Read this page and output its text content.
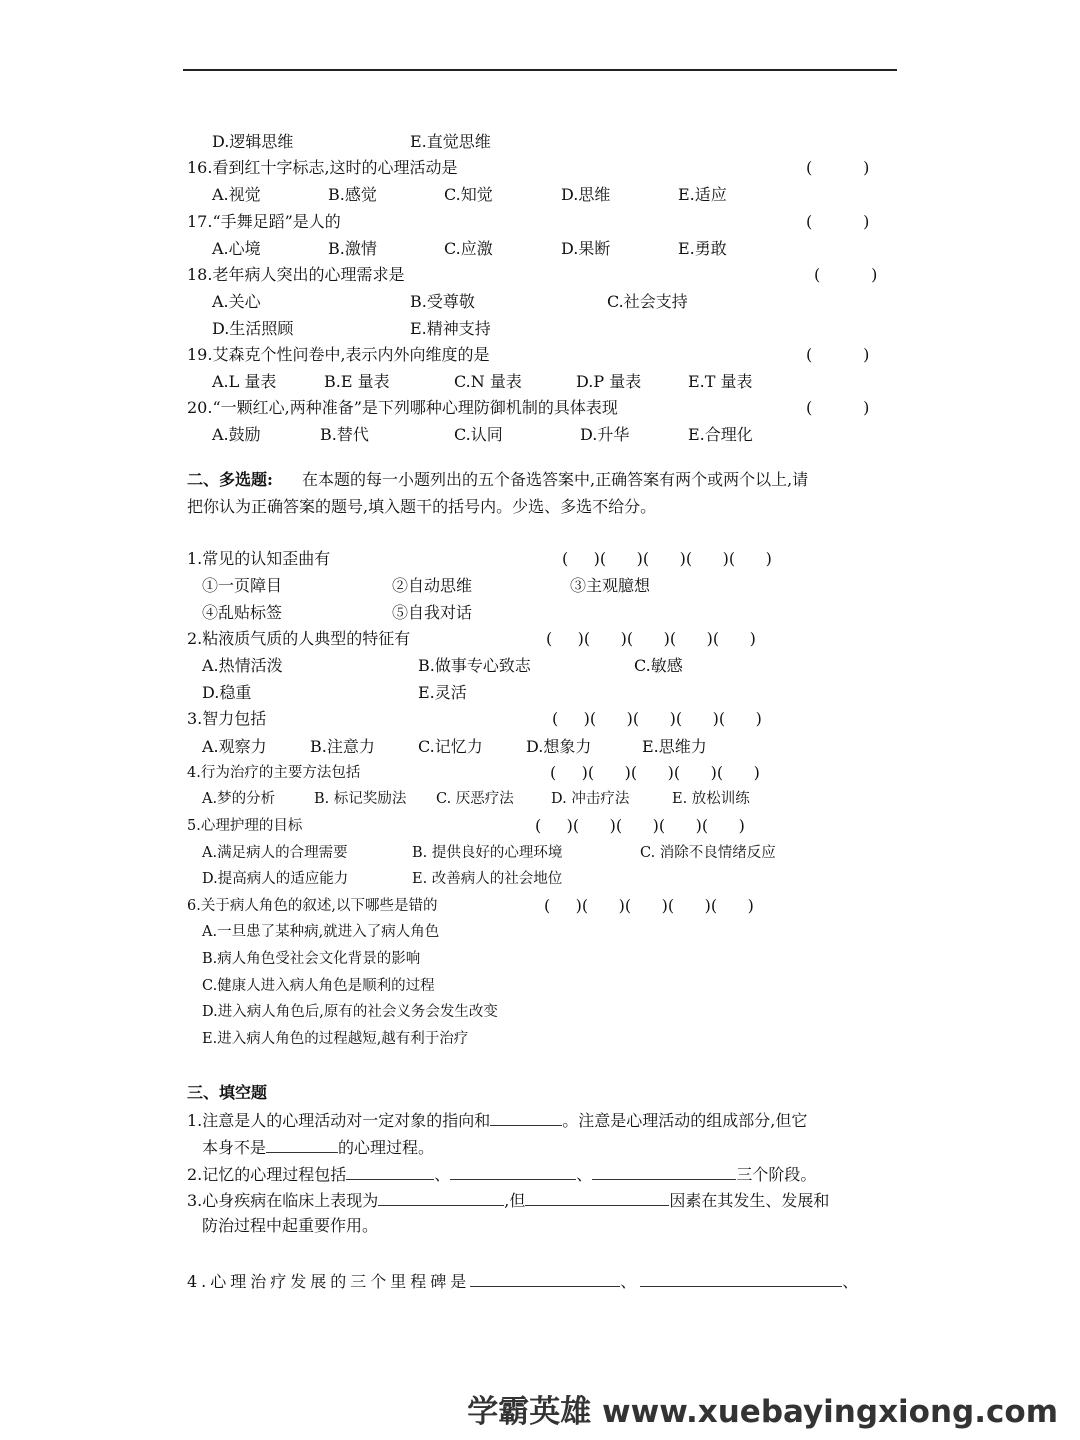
D.逻辑思维	E.直觉思维
16.看到红十字标志,这时的心理活动是	(          )
A.视觉	B.感觉	C.知觉	D.思维	E.适应
17.“手舞足蹈”是人的	(          )
A.心境	B.激情	C.应激	D.果断	E.勇敢
18.老年病人突出的心理需求是	(          )
A.关心	B.受尊敬	C.社会支持
D.生活照顾	E.精神支持
19.艾森克个性问卷中,表示内外向维度的是	(          )
A.L 量表	B.E 量表	C.N 量表	D.P 量表	E.T 量表
20.“一颗红心,两种准备”是下列哪种心理防御机制的具体表现	(          )
A.鼓励	B.替代	C.认同	D.升华	E.合理化
二、多选题: 在本题的每一小题列出的五个备选答案中,正确答案有两个或两个以上,请
把你认为正确答案的题号,填入题干的括号内。少选、多选不给分。
1.常见的认知歪曲有	(     )(      )(      )(      )(      )
①一页障目	②自动思维	③主观臆想
④乱贴标签	⑤自我对话
2.粘液质气质的人典型的特征有	(     )(      )(      )(      )(      )
A.热情活泼	B.做事专心致志	C.敏感
D.稳重	E.灵活
3.智力包括	(     )(      )(      )(      )(      )
A.观察力	B.注意力	C.记忆力	D.想象力	E.思维力
4.行为治疗的主要方法包括	(     )(      )(      )(      )(      )
A.梦的分析	B. 标记奖励法 C. 厌恶疗法	D. 冲击疗法	E. 放松训练
5.心理护理的目标	(     )(      )(      )(      )(      )
A.满足病人的合理需要	B. 提供良好的心理环境	C. 消除不良情绪反应
D.提高病人的适应能力	E. 改善病人的社会地位
6.关于病人角色的叙述,以下哪些是错的	(     )(      )(      )(      )(      )
A.一旦患了某种病,就进入了病人角色
B.病人角色受社会文化背景的影响
C.健康人进入病人角色是顺利的过程
D.进入病人角色后,原有的社会义务会发生改变
E.进入病人角色的过程越短,越有利于治疗
三、填空题
1.注意是人的心理活动对一定对象的指向和	。注意是心理活动的组成部分,但它
本身不是	的心理过程。
2.记忆的心理过程包括	、	、	三个阶段。
3.心身疾病在临床上表现为	,但	因素在其发生、发展和
防治过程中起重要作用。
4.心理治疗发展的三个里程碑是	、	、
学霸英雄 www.xuebayingxiong.com
